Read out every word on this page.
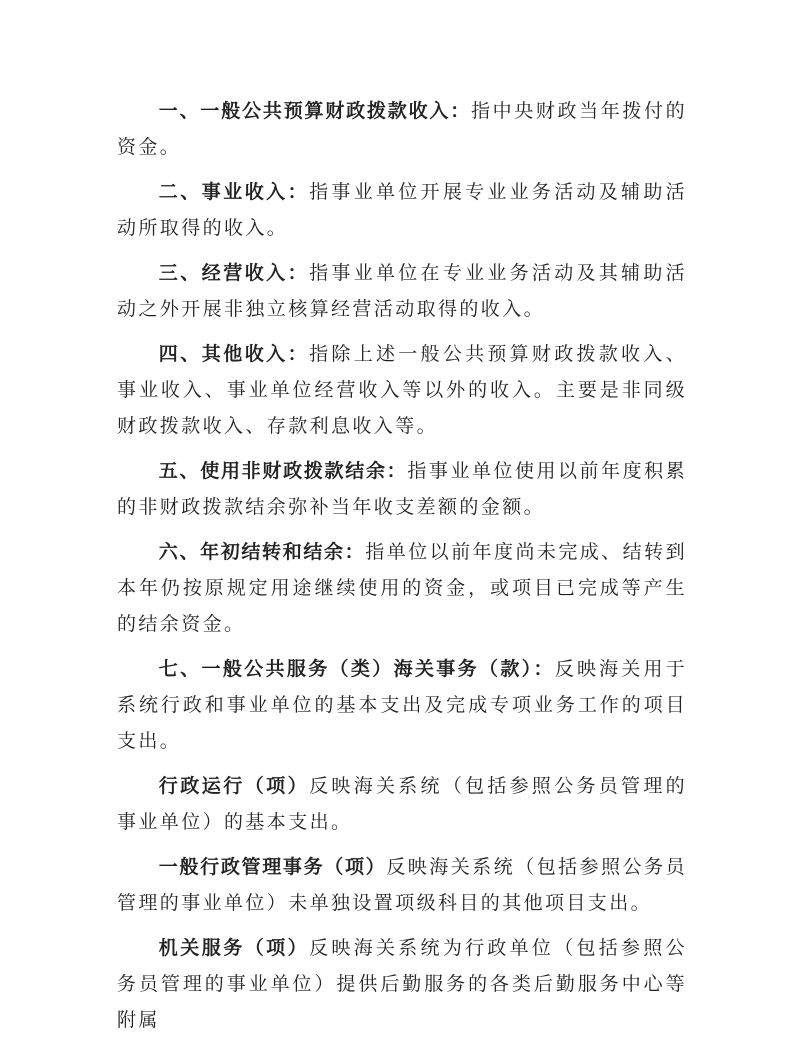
一、一般公共预算财政拨款收入：指中央财政当年拨付的资金。

二、事业收入：指事业单位开展专业业务活动及辅助活动所取得的收入。

三、经营收入：指事业单位在专业业务活动及其辅助活动之外开展非独立核算经营活动取得的收入。

四、其他收入：指除上述一般公共预算财政拨款收入、事业收入、事业单位经营收入等以外的收入。主要是非同级财政拨款收入、存款利息收入等。

五、使用非财政拨款结余：指事业单位使用以前年度积累的非财政拨款结余弥补当年收支差额的金额。

六、年初结转和结余：指单位以前年度尚未完成、结转到本年仍按原规定用途继续使用的资金，或项目已完成等产生的结余资金。

七、一般公共服务（类）海关事务（款）：反映海关用于系统行政和事业单位的基本支出及完成专项业务工作的项目支出。

行政运行（项）反映海关系统（包括参照公务员管理的事业单位）的基本支出。

一般行政管理事务（项）反映海关系统（包括参照公务员管理的事业单位）未单独设置项级科目的其他项目支出。

机关服务（项）反映海关系统为行政单位（包括参照公务员管理的事业单位）提供后勤服务的各类后勤服务中心等附属
